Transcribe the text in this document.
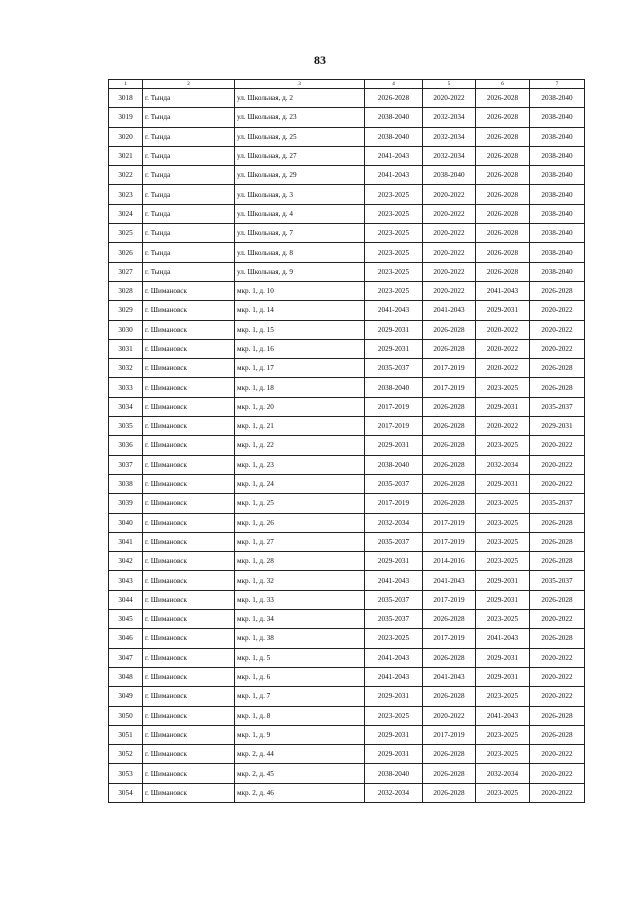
83
1	2	3	4	5	6	7
3018	г. Тында	ул. Школьная, д. 2	2026-2028	2020-2022	2026-2028	2038-2040
3019	г. Тында	ул. Школьная, д. 23	2038-2040	2032-2034	2026-2028	2038-2040
3020	г. Тында	ул. Школьная, д. 25	2038-2040	2032-2034	2026-2028	2038-2040
3021	г. Тында	ул. Школьная, д. 27	2041-2043	2032-2034	2026-2028	2038-2040
3022	г. Тында	ул. Школьная, д. 29	2041-2043	2038-2040	2026-2028	2038-2040
3023	г. Тында	ул. Школьная, д. 3	2023-2025	2020-2022	2026-2028	2038-2040
3024	г. Тында	ул. Школьная, д. 4	2023-2025	2020-2022	2026-2028	2038-2040
3025	г. Тында	ул. Школьная, д. 7	2023-2025	2020-2022	2026-2028	2038-2040
3026	г. Тында	ул. Школьная, д. 8	2023-2025	2020-2022	2026-2028	2038-2040
3027	г. Тында	ул. Школьная, д. 9	2023-2025	2020-2022	2026-2028	2038-2040
3028	г. Шимановск	мкр. 1, д. 10	2023-2025	2020-2022	2041-2043	2026-2028
3029	г. Шимановск	мкр. 1, д. 14	2041-2043	2041-2043	2029-2031	2020-2022
3030	г. Шимановск	мкр. 1, д. 15	2029-2031	2026-2028	2020-2022	2020-2022
3031	г. Шимановск	мкр. 1, д. 16	2029-2031	2026-2028	2020-2022	2020-2022
3032	г. Шимановск	мкр. 1, д. 17	2035-2037	2017-2019	2020-2022	2026-2028
3033	г. Шимановск	мкр. 1, д. 18	2038-2040	2017-2019	2023-2025	2026-2028
3034	г. Шимановск	мкр. 1, д. 20	2017-2019	2026-2028	2029-2031	2035-2037
3035	г. Шимановск	мкр. 1, д. 21	2017-2019	2026-2028	2020-2022	2029-2031
3036	г. Шимановск	мкр. 1, д. 22	2029-2031	2026-2028	2023-2025	2020-2022
3037	г. Шимановск	мкр. 1, д. 23	2038-2040	2026-2028	2032-2034	2020-2022
3038	г. Шимановск	мкр. 1, д. 24	2035-2037	2026-2028	2029-2031	2020-2022
3039	г. Шимановск	мкр. 1, д. 25	2017-2019	2026-2028	2023-2025	2035-2037
3040	г. Шимановск	мкр. 1, д. 26	2032-2034	2017-2019	2023-2025	2026-2028
3041	г. Шимановск	мкр. 1, д. 27	2035-2037	2017-2019	2023-2025	2026-2028
3042	г. Шимановск	мкр. 1, д. 28	2029-2031	2014-2016	2023-2025	2026-2028
3043	г. Шимановск	мкр. 1, д. 32	2041-2043	2041-2043	2029-2031	2035-2037
3044	г. Шимановск	мкр. 1, д. 33	2035-2037	2017-2019	2029-2031	2026-2028
3045	г. Шимановск	мкр. 1, д. 34	2035-2037	2026-2028	2023-2025	2020-2022
3046	г. Шимановск	мкр. 1, д. 38	2023-2025	2017-2019	2041-2043	2026-2028
3047	г. Шимановск	мкр. 1, д. 5	2041-2043	2026-2028	2029-2031	2020-2022
3048	г. Шимановск	мкр. 1, д. 6	2041-2043	2041-2043	2029-2031	2020-2022
3049	г. Шимановск	мкр. 1, д. 7	2029-2031	2026-2028	2023-2025	2020-2022
3050	г. Шимановск	мкр. 1, д. 8	2023-2025	2020-2022	2041-2043	2026-2028
3051	г. Шимановск	мкр. 1, д. 9	2029-2031	2017-2019	2023-2025	2026-2028
3052	г. Шимановск	мкр. 2, д. 44	2029-2031	2026-2028	2023-2025	2020-2022
3053	г. Шимановск	мкр. 2, д. 45	2038-2040	2026-2028	2032-2034	2020-2022
3054	г. Шимановск	мкр. 2, д. 46	2032-2034	2026-2028	2023-2025	2020-2022
